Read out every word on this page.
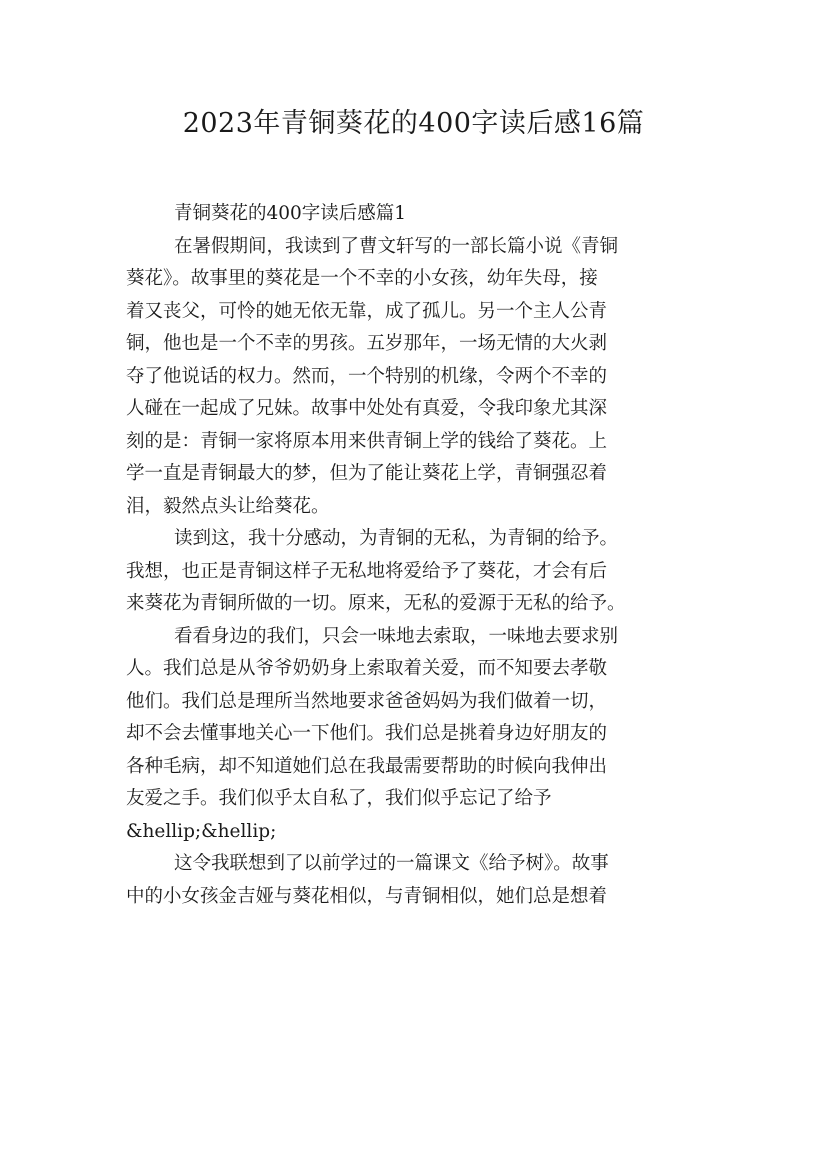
2023年青铜葵花的400字读后感16篇
青铜葵花的400字读后感篇1
在暑假期间，我读到了曹文轩写的一部长篇小说《青铜
葵花》。故事里的葵花是一个不幸的小女孩，幼年失母，接
着又丧父，可怜的她无依无靠，成了孤儿。另一个主人公青
铜，他也是一个不幸的男孩。五岁那年，一场无情的大火剥
夺了他说话的权力。然而，一个特别的机缘，令两个不幸的
人碰在一起成了兄妹。故事中处处有真爱，令我印象尤其深
刻的是：青铜一家将原本用来供青铜上学的钱给了葵花。上
学一直是青铜最大的梦，但为了能让葵花上学，青铜强忍着
泪，毅然点头让给葵花。
读到这，我十分感动，为青铜的无私，为青铜的给予。
我想，也正是青铜这样子无私地将爱给予了葵花，才会有后
来葵花为青铜所做的一切。原来，无私的爱源于无私的给予。
看看身边的我们，只会一味地去索取，一味地去要求别
人。我们总是从爷爷奶奶身上索取着关爱，而不知要去孝敬
他们。我们总是理所当然地要求爸爸妈妈为我们做着一切，
却不会去懂事地关心一下他们。我们总是挑着身边好朋友的
各种毛病，却不知道她们总在我最需要帮助的时候向我伸出
友爱之手。我们似乎太自私了，我们似乎忘记了给予
&hellip;&hellip;
这令我联想到了以前学过的一篇课文《给予树》。故事
中的小女孩金吉娅与葵花相似，与青铜相似，她们总是想着
